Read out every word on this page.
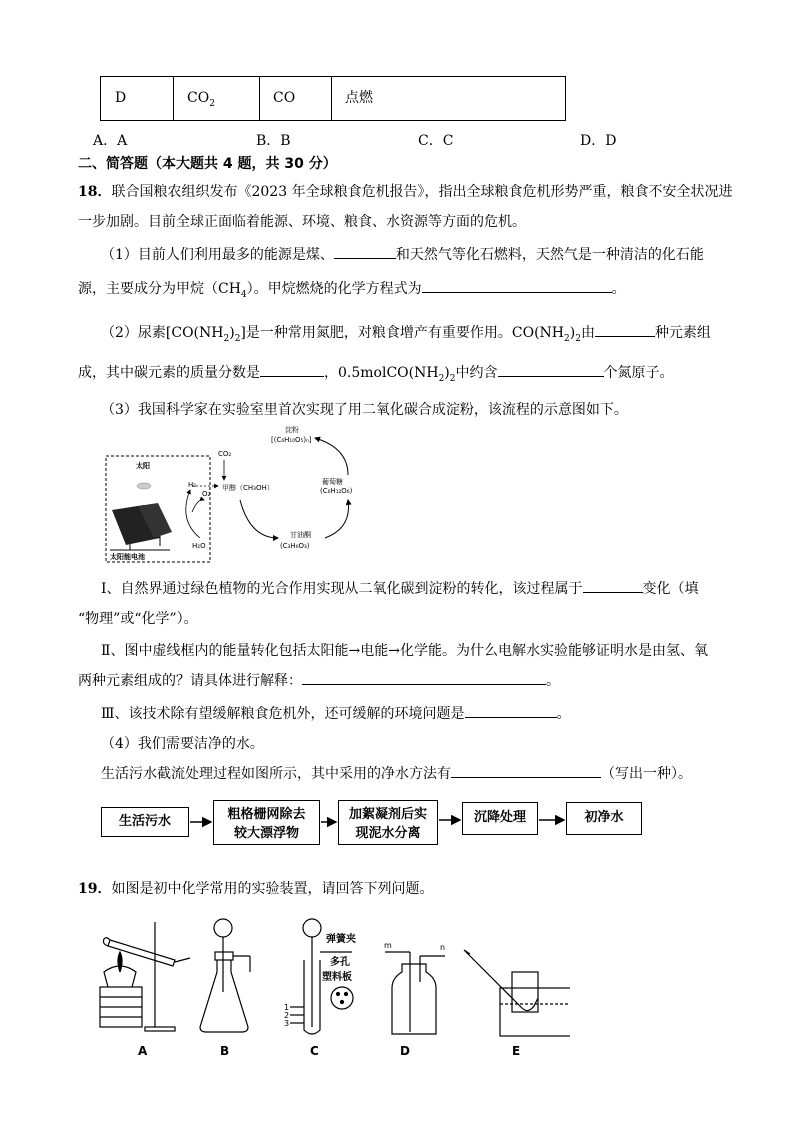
D	$CO_2$	CO	点燃
A．A	B．B	C．C	D．D
二、简答题（本大题共 4 题，共 30 分）
18．联合国粮农组织发布《2023 年全球粮食危机报告》，指出全球粮食危机形势严重，粮食不安全状况进
一步加剧。目前全球正面临着能源、环境、粮食、水资源等方面的危机。
（1）目前人们利用最多的能源是煤、	和天然气等化石燃料，天然气是一种清洁的化石能
源，主要成分为甲烷$(CH_4)$。甲烷燃烧的化学方程式为	。
（2）尿素$[CO(NH_2)_2]$是一种常用氮肥，对粮食增产有重要作用。$CO(NH_2)_2$由	种元素组
成，其中碳元素的质量分数是	，$0.5molCO(NH_2)_2$中约含	个氮原子。
（3）我国科学家在实验室里首次实现了用二氧化碳合成淀粉，该流程的示意图如下。
太阳
太阳能电池
H₂
O₂
H₂O
CO₂
甲醇（CH₃OH）
淀粉
[(C₆H₁₀O₅)ₙ]
葡萄糖
(C₆H₁₂O₆)
甘油酮
(C₃H₆O₃)
Ⅰ、自然界通过绿色植物的光合作用实现从二氧化碳到淀粉的转化，该过程属于	变化（填
“物理”或“化学”）。
Ⅱ、图中虚线框内的能量转化包括太阳能→电能→化学能。为什么电解水实验能够证明水是由氢、氧
两种元素组成的？请具体进行解释：	。
Ⅲ、该技术除有望缓解粮食危机外，还可缓解的环境问题是	。
（4）我们需要洁净的水。
生活污水截流处理过程如图所示，其中采用的净水方法有	（写出一种）。
生活污水	粗格栅网除去
较大漂浮物
加絮凝剂后实
现泥水分离
沉降处理	初净水
19．如图是初中化学常用的实验装置，请回答下列问题。
A	B	C	D	E
弹簧夹
多孔
塑料板
1
2
3
m	n
